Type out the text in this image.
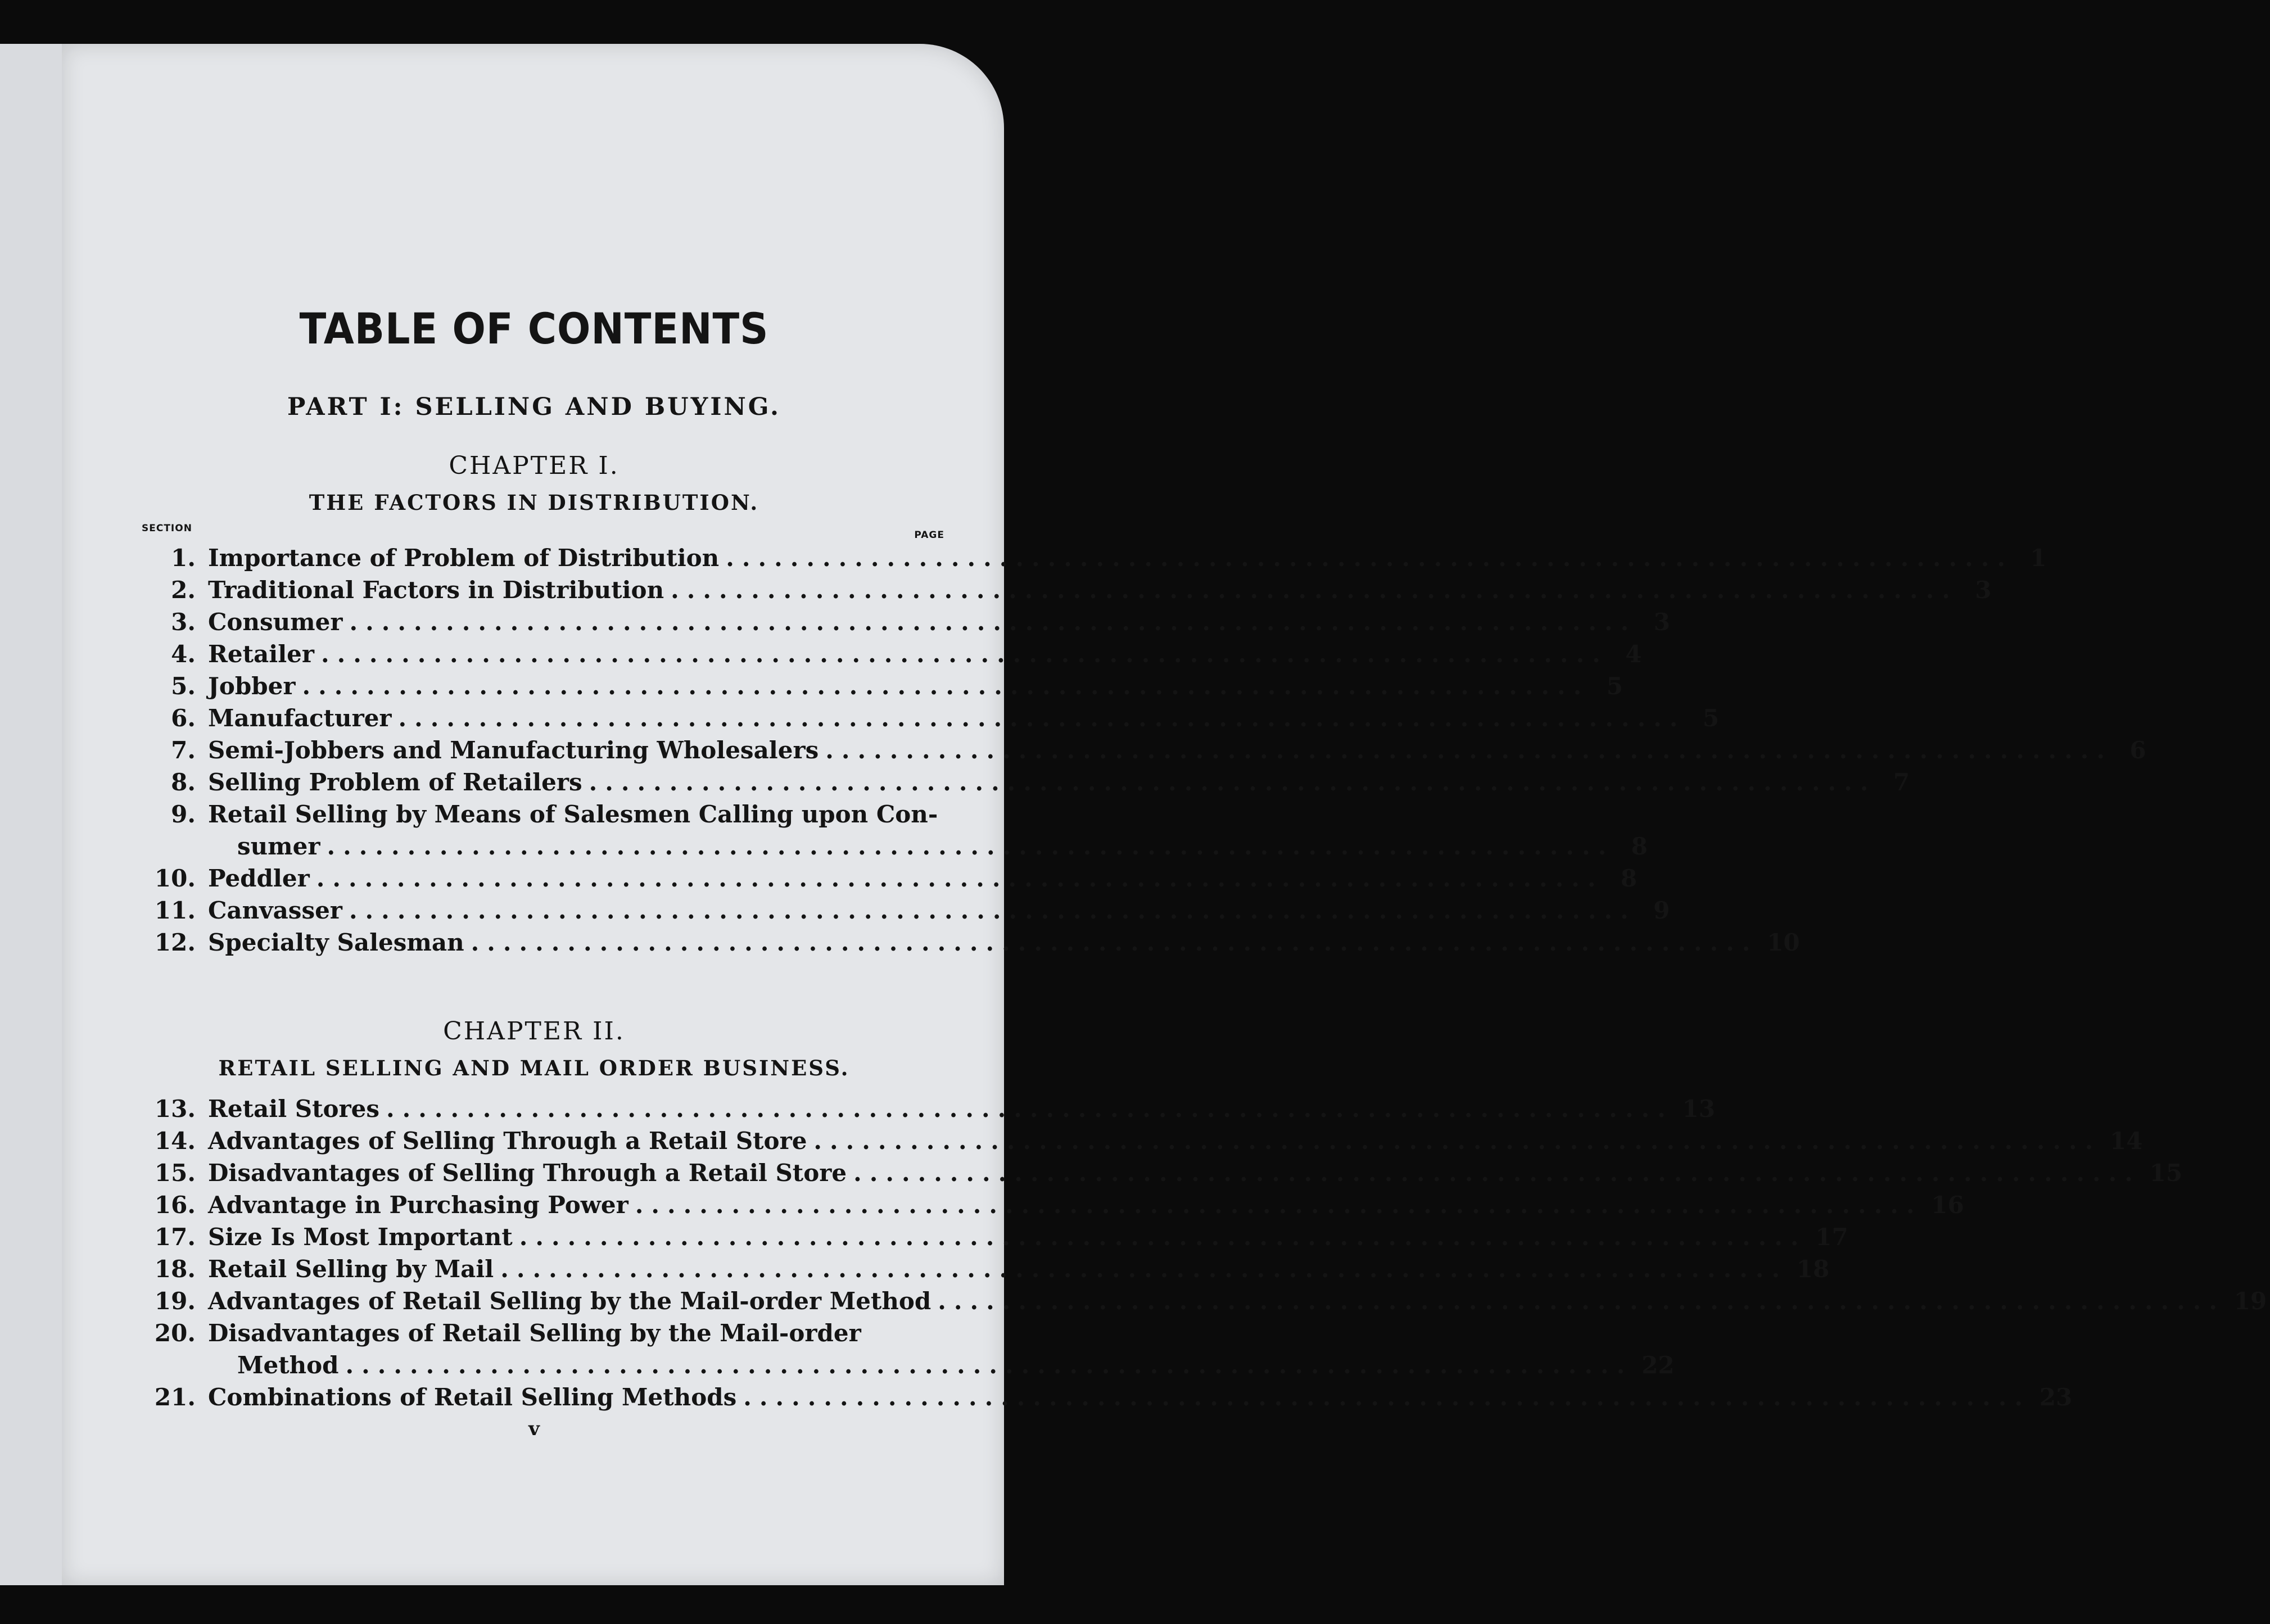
TABLE OF CONTENTS
PART I: SELLING AND BUYING.
CHAPTER I.
THE FACTORS IN DISTRIBUTION.
SECTION
PAGE
1. Importance of Problem of Distribution ................................................................................ 1
2. Traditional Factors in Distribution ................................................................................ 3
3. Consumer ................................................................................ 3
4. Retailer ................................................................................ 4
5. Jobber ................................................................................ 5
6. Manufacturer ................................................................................ 5
7. Semi-Jobbers and Manufacturing Wholesalers ................................................................................ 6
8. Selling Problem of Retailers ................................................................................ 7
9. Retail Selling by Means of Salesmen Calling upon Con-
sumer ................................................................................ 8
10. Peddler ................................................................................ 8
11. Canvasser ................................................................................ 9
12. Specialty Salesman ................................................................................ 10
CHAPTER II.
RETAIL SELLING AND MAIL ORDER BUSINESS.
13. Retail Stores ................................................................................ 13
14. Advantages of Selling Through a Retail Store ................................................................................ 14
15. Disadvantages of Selling Through a Retail Store ................................................................................ 15
16. Advantage in Purchasing Power ................................................................................ 16
17. Size Is Most Important ................................................................................ 17
18. Retail Selling by Mail ................................................................................ 18
19. Advantages of Retail Selling by the Mail-order Method ................................................................................ 19
20. Disadvantages of Retail Selling by the Mail-order
Method ................................................................................ 22
21. Combinations of Retail Selling Methods ................................................................................ 23
v
